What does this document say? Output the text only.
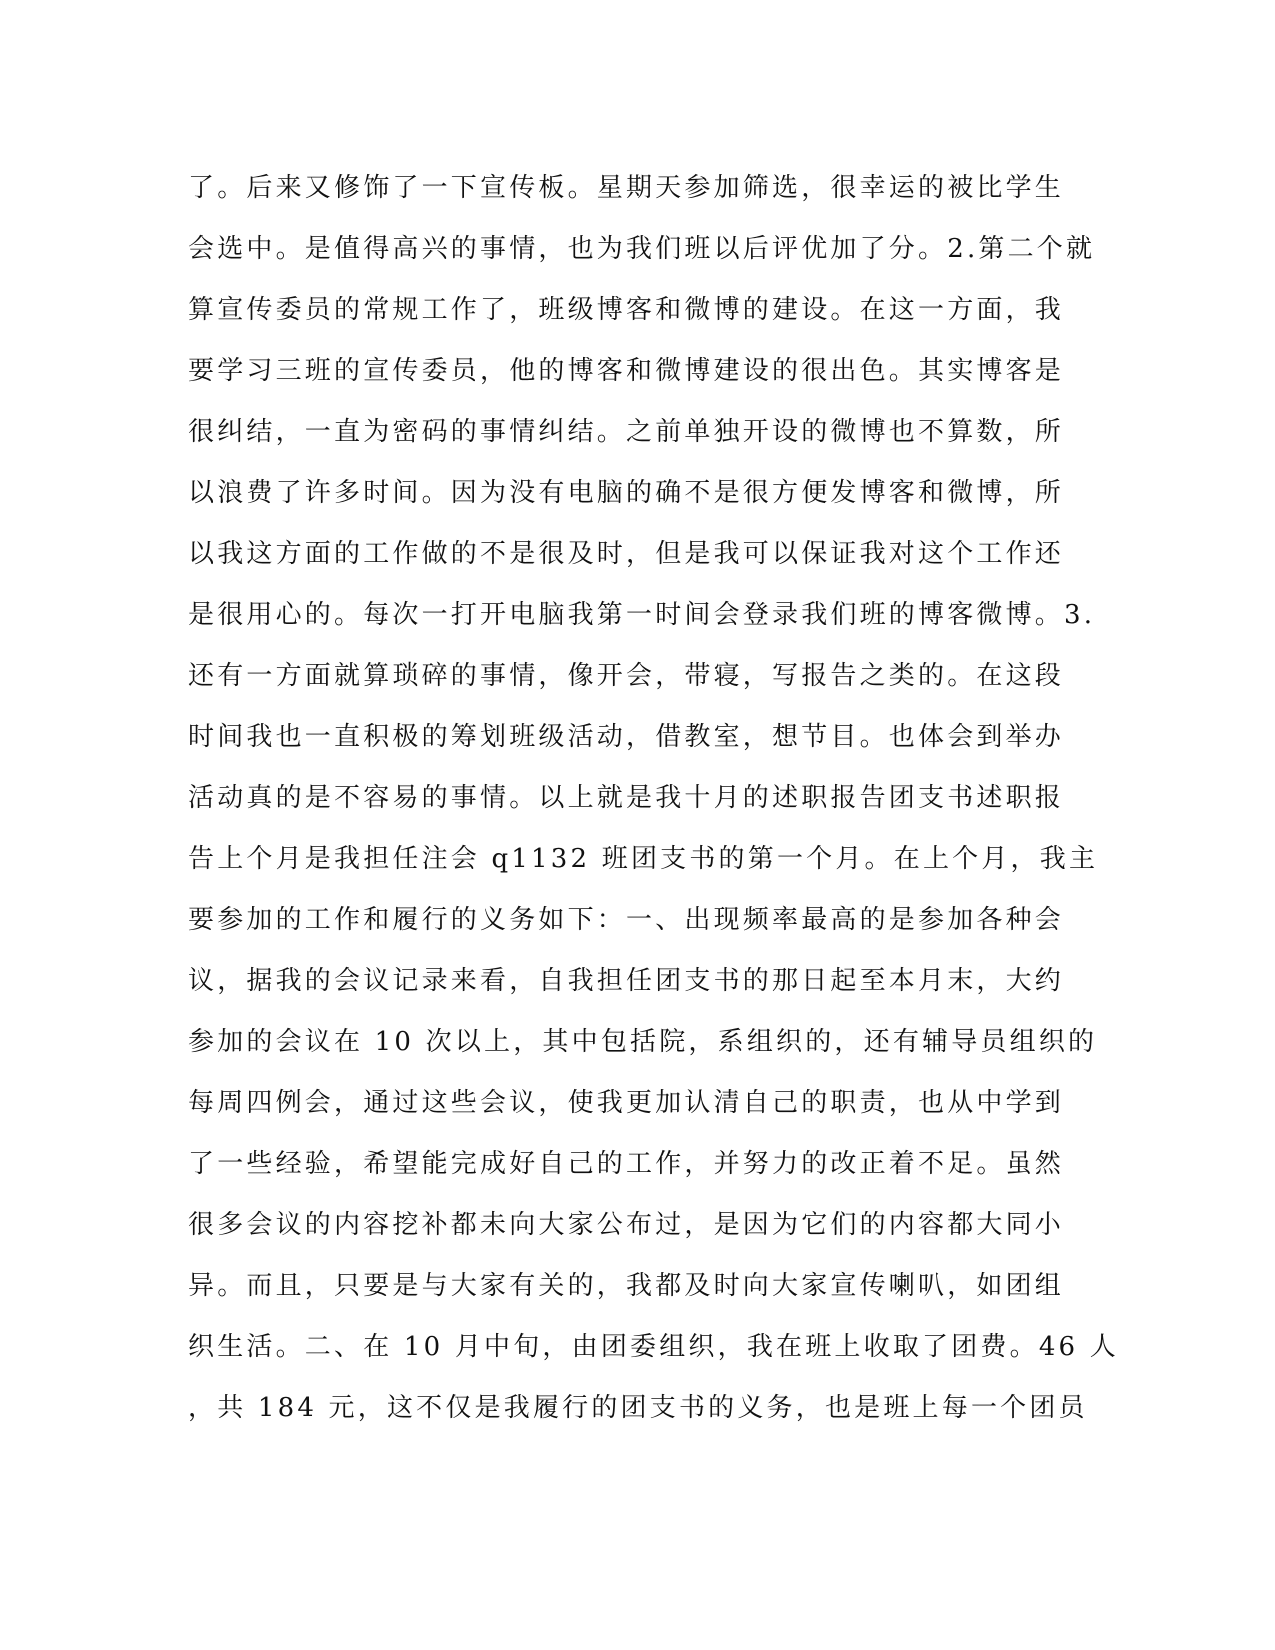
了。后来又修饰了一下宣传板。星期天参加筛选，很幸运的被比学生
会选中。是值得高兴的事情，也为我们班以后评优加了分。2.第二个就
算宣传委员的常规工作了，班级博客和微博的建设。在这一方面，我
要学习三班的宣传委员，他的博客和微博建设的很出色。其实博客是
很纠结，一直为密码的事情纠结。之前单独开设的微博也不算数，所
以浪费了许多时间。因为没有电脑的确不是很方便发博客和微博，所
以我这方面的工作做的不是很及时，但是我可以保证我对这个工作还
是很用心的。每次一打开电脑我第一时间会登录我们班的博客微博。3.
还有一方面就算琐碎的事情，像开会，带寝，写报告之类的。在这段
时间我也一直积极的筹划班级活动，借教室，想节目。也体会到举办
活动真的是不容易的事情。以上就是我十月的述职报告团支书述职报
告上个月是我担任注会 q1132 班团支书的第一个月。在上个月，我主
要参加的工作和履行的义务如下：一、出现频率最高的是参加各种会
议，据我的会议记录来看，自我担任团支书的那日起至本月末，大约
参加的会议在 10 次以上，其中包括院，系组织的，还有辅导员组织的
每周四例会，通过这些会议，使我更加认清自己的职责，也从中学到
了一些经验，希望能完成好自己的工作，并努力的改正着不足。虽然
很多会议的内容挖补都未向大家公布过，是因为它们的内容都大同小
异。而且，只要是与大家有关的，我都及时向大家宣传喇叭，如团组
织生活。二、在 10 月中旬，由团委组织，我在班上收取了团费。46 人
，共 184 元，这不仅是我履行的团支书的义务，也是班上每一个团员
